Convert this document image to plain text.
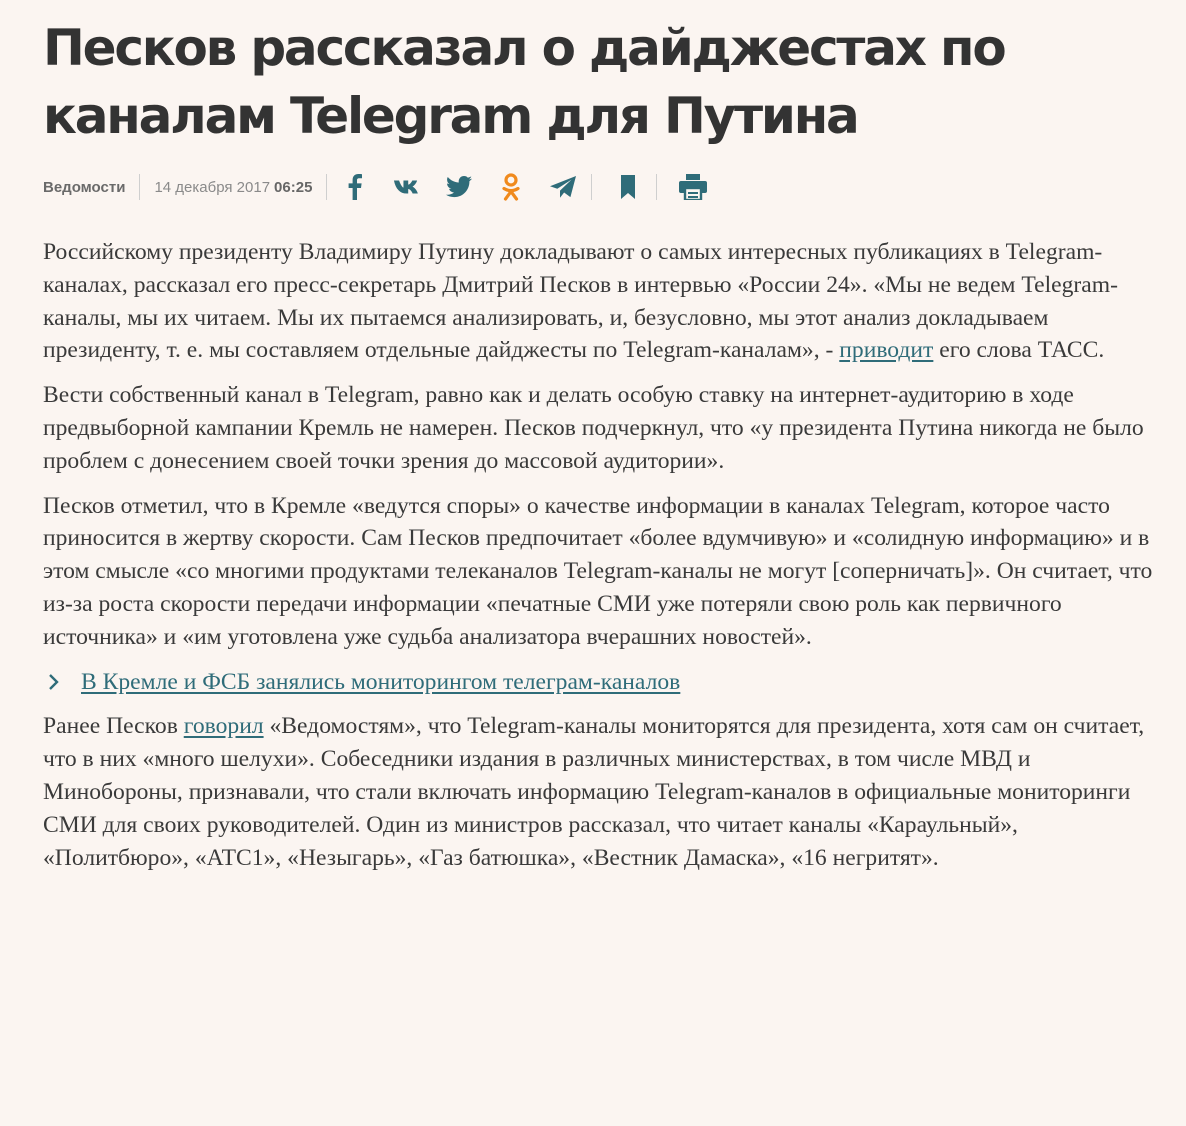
Песков рассказал о дайджестах по каналам Telegram для Путина
Ведомости 14 декабря 2017 06:25

Российскому президенту Владимиру Путину докладывают о самых интересных публикациях в Telegram-каналах, рассказал его пресс-секретарь Дмитрий Песков в интервью «России 24». «Мы не ведем Telegram-каналы, мы их читаем. Мы их пытаемся анализировать, и, безусловно, мы этот анализ докладываем президенту, т. е. мы составляем отдельные дайджесты по Telegram-каналам», - приводит его слова ТАСС.

Вести собственный канал в Telegram, равно как и делать особую ставку на интернет-аудиторию в ходе предвыборной кампании Кремль не намерен. Песков подчеркнул, что «у президента Путина никогда не было проблем с донесением своей точки зрения до массовой аудитории».

Песков отметил, что в Кремле «ведутся споры» о качестве информации в каналах Telegram, которое часто приносится в жертву скорости. Сам Песков предпочитает «более вдумчивую» и «солидную информацию» и в этом смысле «со многими продуктами телеканалов Telegram-каналы не могут [соперничать]». Он считает, что из-за роста скорости передачи информации «печатные СМИ уже потеряли свою роль как первичного источника» и «им уготовлена уже судьба анализатора вчерашних новостей».

В Кремле и ФСБ занялись мониторингом телеграм-каналов

Ранее Песков говорил «Ведомостям», что Telegram-каналы мониторятся для президента, хотя сам он считает, что в них «много шелухи». Собеседники издания в различных министерствах, в том числе МВД и Минобороны, признавали, что стали включать информацию Telegram-каналов в официальные мониторинги СМИ для своих руководителей. Один из министров рассказал, что читает каналы «Караульный», «Политбюро», «АТС1», «Незыгарь», «Газ батюшка», «Вестник Дамаска», «16 негритят».
